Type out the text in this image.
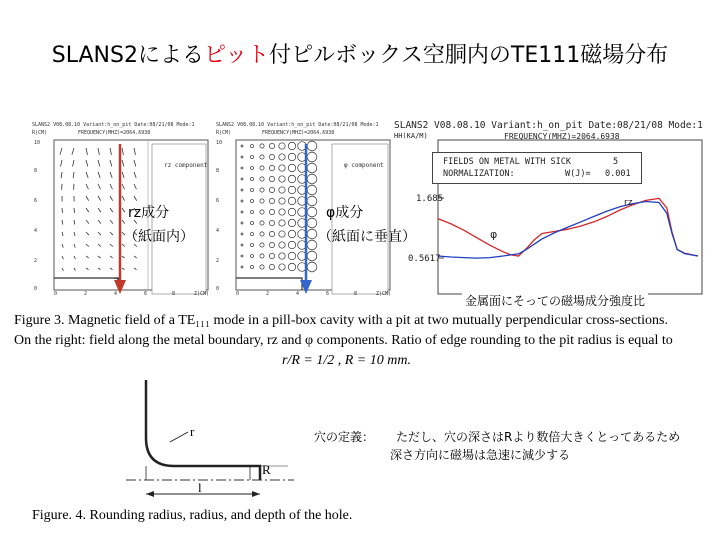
SLANS2によるピット付ピルボックス空胴内のTE111磁場分布
SLANS2 V08.08.10 Variant:h_on_pit Date:08/21/08 Mode:1
R(CM)	FREQUENCY(MHZ)=2064.6938
rz component
10
8
6
4
2
0
0	2	4	6	8	Z(CM)
rz成分
（紙面内）
SLANS2 V08.08.10 Variant:h_on_pit Date:08/21/08 Mode:1
R(CM)	FREQUENCY(MHZ)=2064.6938
φ component
10
8
6
4
2
0
0	2	4	6	8	Z(CM)
φ成分
（紙面に垂直）
SLANS2 V08.08.10 Variant:h_on_pit Date:08/21/08 Mode:1
HH(KA/M)	FREQUENCY(MHZ)=2064.6938
1.685
0.5617
FIELDS ON METAL WITH SICK	5
NORMALIZATION:	W(J)= 0.001
rz
φ
金属面にそっての磁場成分強度比
Figure 3. Magnetic field of a TE₁₁₁ mode in a pill-box cavity with a pit at two mutually perpendicular cross-sections.
On the right: field along the metal boundary, rz and φ components. Ratio of edge rounding to the pit radius is equal to
r/R = 1/2 , R = 10 mm.
r
R
l
Figure. 4. Rounding radius, radius, and depth of the hole.
穴の定義： ただし、穴の深さはRより数倍大きくとってあるため
深さ方向に磁場は急速に減少する
